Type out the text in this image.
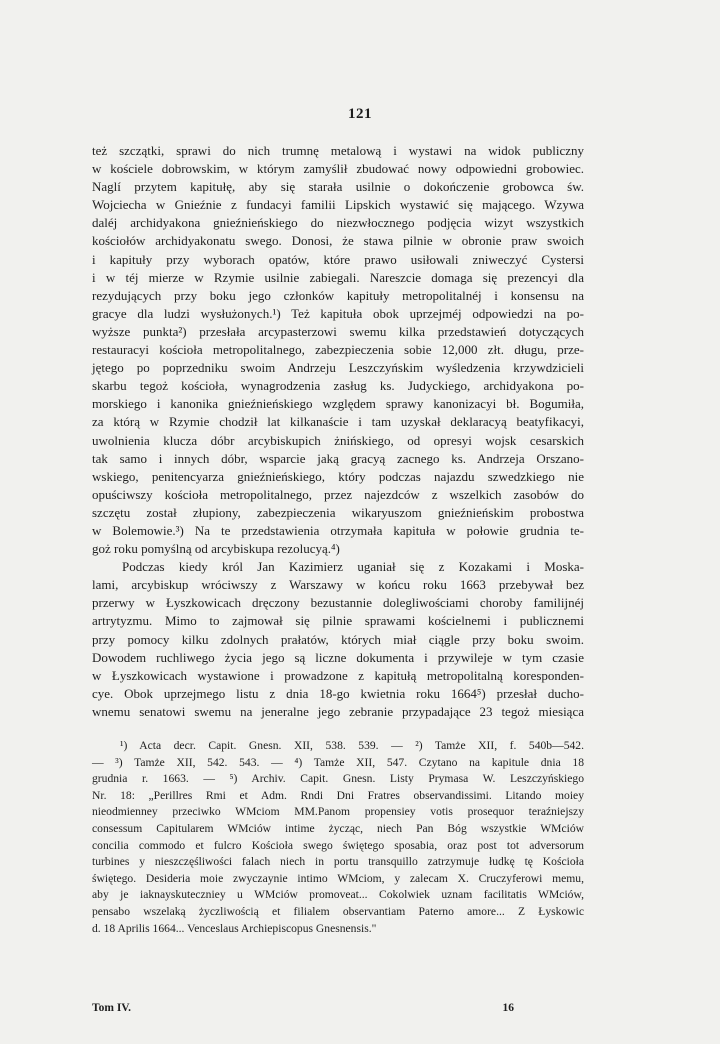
121
też szczątki, sprawi do nich trumnę metalową i wystawi na widok publiczny
w kościele dobrowskim, w którym zamyślił zbudować nowy odpowiedni grobowiec.
Naglí przytem kapitułę, aby się starała usilnie o dokończenie grobowca św.
Wojciecha w Gnieźnie z fundacyi familii Lipskich wystawić się mającego. Wzywa
daléj archidyakona gnieźnieńskiego do niezwłocznego podjęcia wizyt wszystkich
kościołów archidyakonatu swego. Donosi, że stawa pilnie w obronie praw swoich
i kapituły przy wyborach opatów, które prawo usiłowali zniweczyć Cystersi
i w téj mierze w Rzymie usilnie zabiegali. Nareszcie domaga się prezencyi dla
rezydujących przy boku jego członków kapituły metropolitalnéj i konsensu na
gracye dla ludzi wysłużonych.¹) Też kapituła obok uprzejméj odpowiedzi na po-
wyższe punkta²) przesłała arcypasterzowi swemu kilka przedstawień dotyczących
restauracyi kościoła metropolitalnego, zabezpieczenia sobie 12,000 złt. długu, prze-
jętego po poprzedniku swoim Andrzeju Leszczyńskim wyśledzenia krzywdzicieli
skarbu tegoż kościoła, wynagrodzenia zasług ks. Judyckiego, archidyakona po-
morskiego i kanonika gnieźnieńskiego względem sprawy kanonizacyi bł. Bogumiła,
za którą w Rzymie chodził lat kilkanaście i tam uzyskał deklaracyą beatyfikacyi,
uwolnienia klucza dóbr arcybiskupich żnińskiego, od opresyi wojsk cesarskich
tak samo i innych dóbr, wsparcie jaką gracyą zacnego ks. Andrzeja Orszano-
wskiego, penitencyarza gnieźnieńskiego, który podczas najazdu szwedzkiego nie
opuściwszy kościoła metropolitalnego, przez najezdców z wszelkich zasobów do
szczętu został złupiony, zabezpieczenia wikaryuszom gnieźnieńskim probostwa
w Bolemowie.³) Na te przedstawienia otrzymała kapituła w połowie grudnia te-
goż roku pomyślną od arcybiskupa rezolucyą.⁴)
Podczas kiedy król Jan Kazimierz uganiał się z Kozakami i Moska-
lami, arcybiskup wróciwszy z Warszawy w końcu roku 1663 przebywał bez
przerwy w Łyszkowicach dręczony bezustannie dolegliwościami choroby familijnéj
artrytyzmu. Mimo to zajmował się pilnie sprawami kościelnemi i publicznemi
przy pomocy kilku zdolnych prałatów, których miał ciągle przy boku swoim.
Dowodem ruchliwego życia jego są liczne dokumenta i przywileje w tym czasie
w Łyszkowicach wystawione i prowadzone z kapitułą metropolitalną koresponden-
cye. Obok uprzejmego listu z dnia 18-go kwietnia roku 1664⁵) przesłał ducho-
wnemu senatowi swemu na jeneralne jego zebranie przypadające 23 tegoż miesiąca
¹) Acta decr. Capit. Gnesn. XII, 538. 539. — ²) Tamże XII, f. 540b—542.
— ³) Tamże XII, 542. 543. — ⁴) Tamże XII, 547. Czytano na kapitule dnia 18
grudnia r. 1663. — ⁵) Archiv. Capit. Gnesn. Listy Prymasa W. Leszczyńskiego
Nr. 18: „Perillres Rmi et Adm. Rndi Dni Fratres observandissimi. Litando moiey
nieodmienney przeciwko WMciom MM.Panom propensiey votis prosequor teraźniejszy
consessum Capitularem WMciów intime życząc, niech Pan Bóg wszystkie WMciów
concilia commodo et fulcro Kościoła swego świętego sposabia, oraz post tot adversorum
turbines y nieszczęśliwości falach niech in portu transquillo zatrzymuje łudkę tę Kościoła
świętego. Desideria moie zwyczaynie intimo WMciom, y zalecam X. Cruczyferowi memu,
aby je iaknayskuteczniey u WMciów promoveat... Cokolwiek uznam facilitatis WMciów,
pensabo wszelaką życzliwością et filialem observantiam Paterno amore... Z Łyskowic
d. 18 Aprilis 1664... Venceslaus Archiepiscopus Gnesnensis."
Tom IV.	16
